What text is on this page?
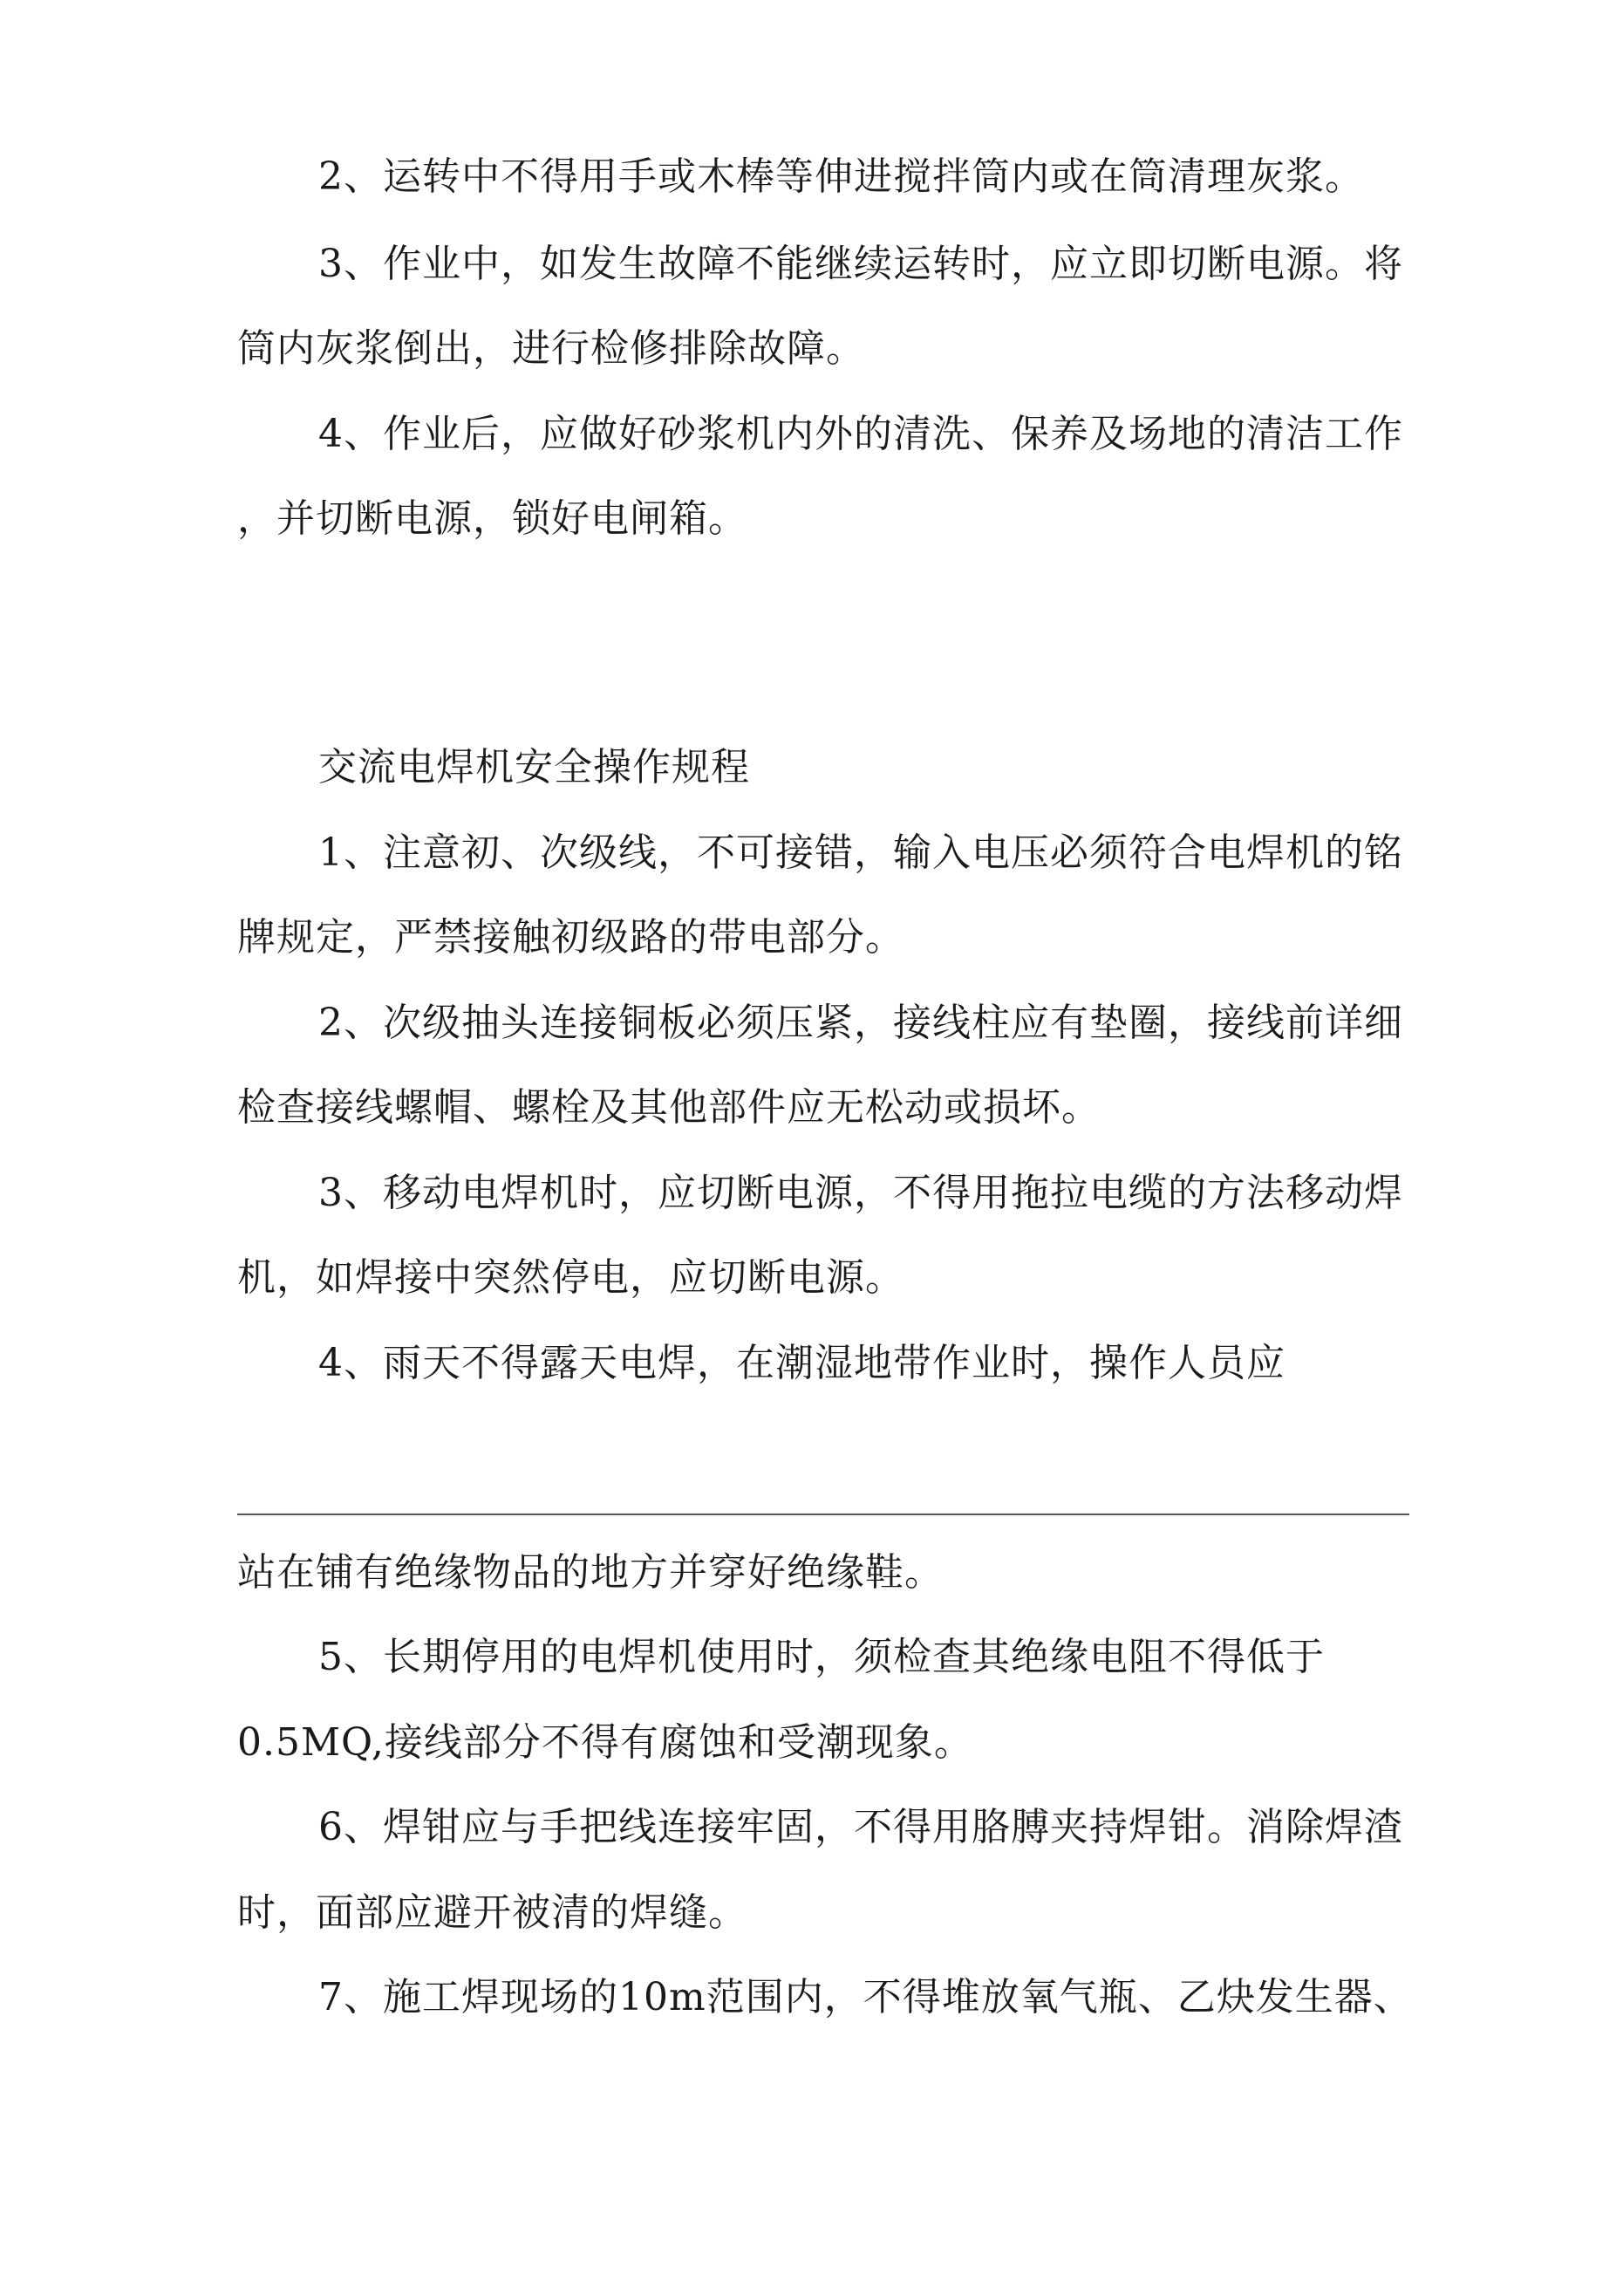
2、运转中不得用手或木棒等伸进搅拌筒内或在筒清理灰浆。
3、作业中，如发生故障不能继续运转时，应立即切断电源。将
筒内灰浆倒出，进行检修排除故障。
4、作业后，应做好砂浆机内外的清洗、保养及场地的清洁工作
，并切断电源，锁好电闸箱。
交流电焊机安全操作规程
1、注意初、次级线，不可接错，输入电压必须符合电焊机的铭
牌规定，严禁接触初级路的带电部分。
2、次级抽头连接铜板必须压紧，接线柱应有垫圈，接线前详细
检查接线螺帽、螺栓及其他部件应无松动或损坏。
3、移动电焊机时，应切断电源，不得用拖拉电缆的方法移动焊
机，如焊接中突然停电，应切断电源。
4、雨天不得露天电焊，在潮湿地带作业时，操作人员应
站在铺有绝缘物品的地方并穿好绝缘鞋。
5、长期停用的电焊机使用时，须检查其绝缘电阻不得低于
0.5MQ,接线部分不得有腐蚀和受潮现象。
6、焊钳应与手把线连接牢固，不得用胳膊夹持焊钳。消除焊渣
时，面部应避开被清的焊缝。
7、施工焊现场的10m范围内，不得堆放氧气瓶、乙炔发生器、
